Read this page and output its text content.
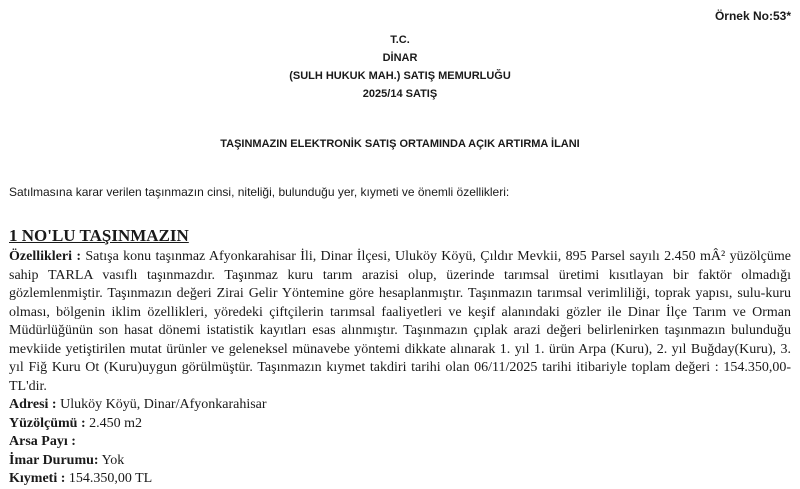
Örnek No:53*
T.C.
DİNAR
(SULH HUKUK MAH.) SATIŞ MEMURLUĞU
2025/14 SATIŞ
TAŞINMAZIN ELEKTRONİK SATIŞ ORTAMINDA AÇIK ARTIRMA İLANI
Satılmasına karar verilen taşınmazın cinsi, niteliği, bulunduğu yer, kıymeti ve önemli özellikleri:
1 NO'LU TAŞINMAZIN
Özellikleri : Satışa konu taşınmaz Afyonkarahisar İli, Dinar İlçesi, Uluköy Köyü, Çıldır Mevkii, 895 Parsel sayılı 2.450 mÂ² yüzölçüme sahip TARLA vasıflı taşınmazdır. Taşınmaz kuru tarım arazisi olup, üzerinde tarımsal üretimi kısıtlayan bir faktör olmadığı gözlemlenmiştir. Taşınmazın değeri Zirai Gelir Yöntemine göre hesaplanmıştır. Taşınmazın tarımsal verimliliği, toprak yapısı, sulu-kuru olması, bölgenin iklim özellikleri, yöredeki çiftçilerin tarımsal faaliyetleri ve keşif alanındaki gözler ile Dinar İlçe Tarım ve Orman Müdürlüğünün son hasat dönemi istatistik kayıtları esas alınmıştır. Taşınmazın çıplak arazi değeri belirlenirken taşınmazın bulunduğu mevkiide yetiştirilen mutat ürünler ve geleneksel münavebe yöntemi dikkate alınarak 1. yıl 1. ürün Arpa (Kuru), 2. yıl Buğday(Kuru), 3. yıl Fiğ Kuru Ot (Kuru)uygun görülmüştür. Taşınmazın kıymet takdiri tarihi olan 06/11/2025 tarihi itibariyle toplam değeri : 154.350,00-TL'dir.
Adresi : Uluköy Köyü, Dinar/Afyonkarahisar
Yüzölçümü : 2.450 m2
Arsa Payı :
İmar Durumu: Yok
Kıymeti : 154.350,00 TL
